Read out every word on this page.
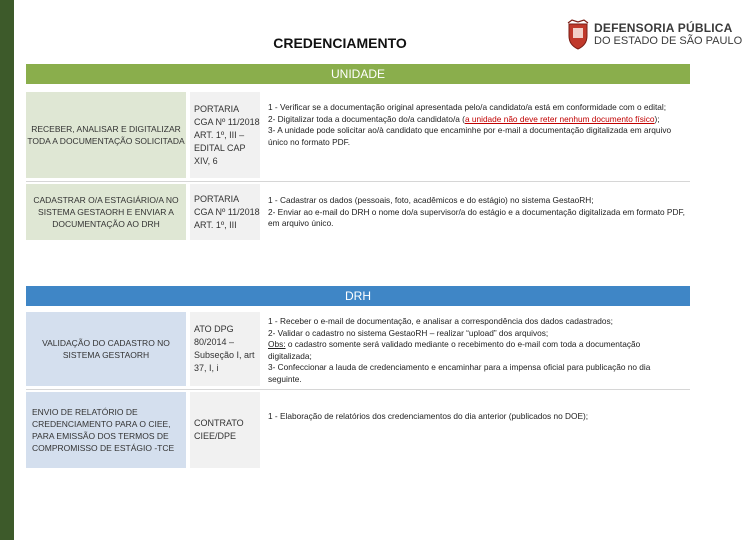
CREDENCIAMENTO
DEFENSORIA PÚBLICA
DO ESTADO DE SÃO PAULO
UNIDADE
RECEBER, ANALISAR E DIGITALIZAR TODA A DOCUMENTAÇÃO SOLICITADA
PORTARIA CGA Nº 11/2018 ART. 1º, III – EDITAL CAP XIV, 6

1 - Verificar se a documentação original apresentada pelo/a candidato/a está em conformidade com o edital;

2- Digitalizar toda a documentação do/a candidato/a (a unidade não deve reter nenhum documento físico);

3- A unidade pode solicitar ao/à candidato que encaminhe por e-mail a documentação digitalizada em arquivo único no formato PDF.

CADASTRAR O/A ESTAGIÁRIO/A NO SISTEMA GESTAORH E ENVIAR A DOCUMENTAÇÃO AO DRH
PORTARIA CGA Nº 11/2018 ART. 1º, III

1 - Cadastrar os dados (pessoais, foto, acadêmicos e do estágio) no sistema GestaoRH;

2- Enviar ao e-mail do DRH o nome do/a supervisor/a do estágio e a documentação digitalizada em formato PDF, em arquivo único.

DRH
VALIDAÇÃO DO CADASTRO NO SISTEMA GESTAORH
ATO DPG 80/2014 – Subseção I, art 37, I, i

1 - Receber o e-mail de documentação, e analisar a correspondência dos dados cadastrados;

2- Validar o cadastro no sistema GestaoRH – realizar “upload” dos arquivos;

Obs: o cadastro somente será validado mediante o recebimento do e-mail com toda a documentação digitalizada;

3- Confeccionar a lauda de credenciamento e encaminhar para a impensa oficial para publicação no dia seguinte.

ENVIO DE RELATÓRIO DE CREDENCIAMENTO PARA O CIEE, PARA EMISSÃO DOS TERMOS DE COMPROMISSO DE ESTÁGIO -TCE
CONTRATO CIEE/DPE

1 - Elaboração de relatórios dos credenciamentos do dia anterior (publicados no DOE);
